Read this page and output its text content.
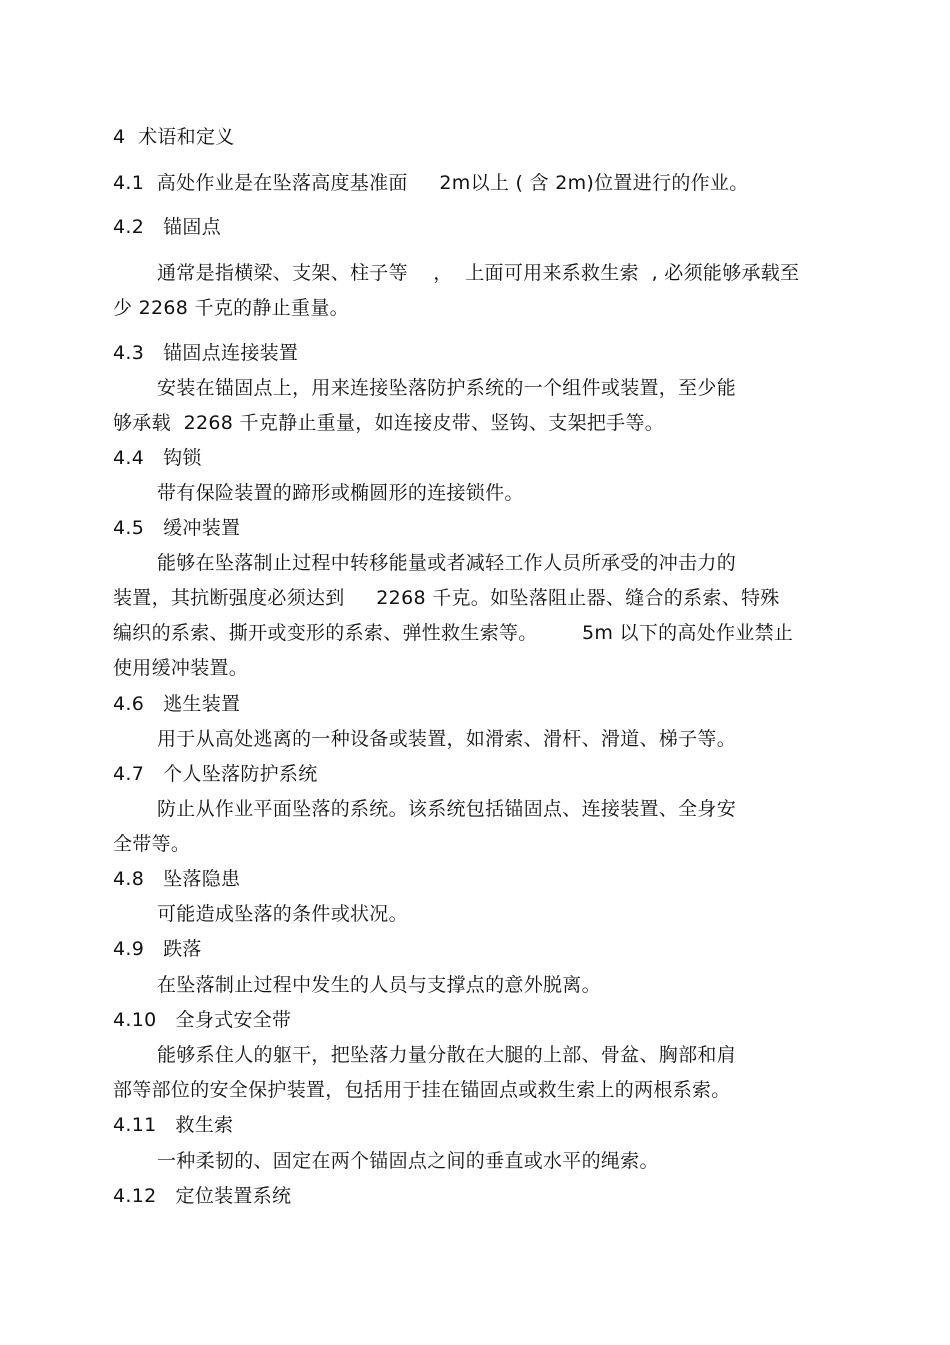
4  术语和定义
4.1  高处作业是在坠落高度基准面     2m以上 ( 含 2m)位置进行的作业。
4.2   锚固点
通常是指横梁、支架、柱子等    ，  上面可用来系救生索  , 必须能够承载至
少 2268 千克的静止重量。
4.3   锚固点连接装置
安装在锚固点上，用来连接坠落防护系统的一个组件或装置，至少能
够承载  2268 千克静止重量，如连接皮带、竖钩、支架把手等。
4.4   钩锁
带有保险装置的蹄形或椭圆形的连接锁件。
4.5   缓冲装置
能够在坠落制止过程中转移能量或者减轻工作人员所承受的冲击力的
装置，其抗断强度必须达到     2268 千克。如坠落阻止器、缝合的系索、特殊
编织的系索、撕开或变形的系索、弹性救生索等。       5m 以下的高处作业禁止
使用缓冲装置。
4.6   逃生装置
用于从高处逃离的一种设备或装置，如滑索、滑杆、滑道、梯子等。
4.7   个人坠落防护系统
防止从作业平面坠落的系统。该系统包括锚固点、连接装置、全身安
全带等。
4.8   坠落隐患
可能造成坠落的条件或状况。
4.9   跌落
在坠落制止过程中发生的人员与支撑点的意外脱离。
4.10   全身式安全带
能够系住人的躯干，把坠落力量分散在大腿的上部、骨盆、胸部和肩
部等部位的安全保护装置，包括用于挂在锚固点或救生索上的两根系索。
4.11   救生索
一种柔韧的、固定在两个锚固点之间的垂直或水平的绳索。
4.12   定位装置系统
